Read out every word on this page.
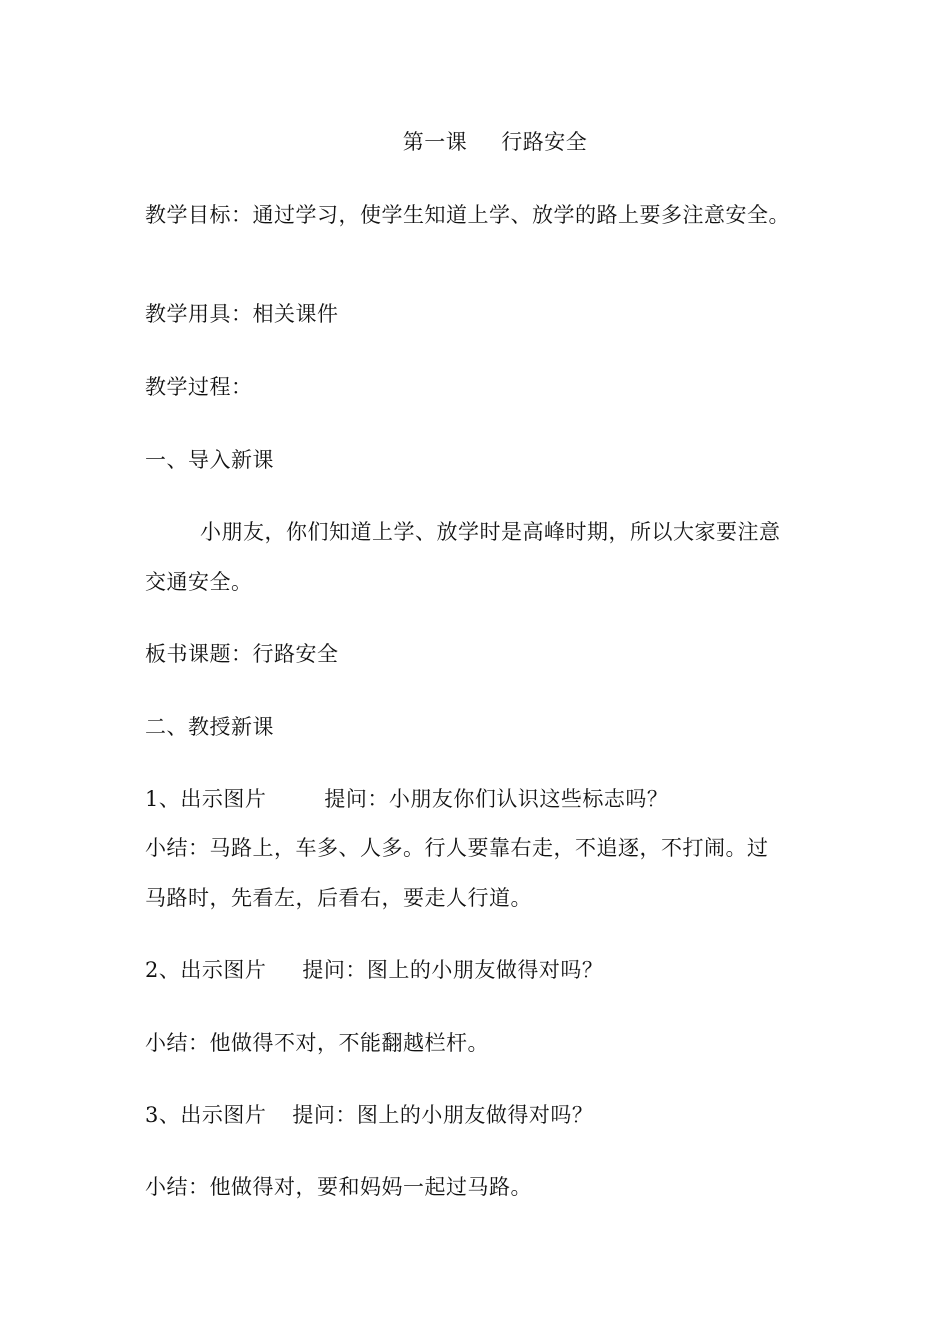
第一课 行路安全
教学目标：通过学习，使学生知道上学、放学的路上要多注意安全。
教学用具：相关课件
教学过程：
一、导入新课
小朋友，你们知道上学、放学时是高峰时期，所以大家要注意
交通安全。
板书课题：行路安全
二、教授新课
1、出示图片	提问：小朋友你们认识这些标志吗？
小结：马路上，车多、人多。行人要靠右走，不追逐，不打闹。过
马路时，先看左，后看右，要走人行道。
2、出示图片 提问：图上的小朋友做得对吗？
小结：他做得不对，不能翻越栏杆。
3、出示图片 提问：图上的小朋友做得对吗？
小结：他做得对，要和妈妈一起过马路。
